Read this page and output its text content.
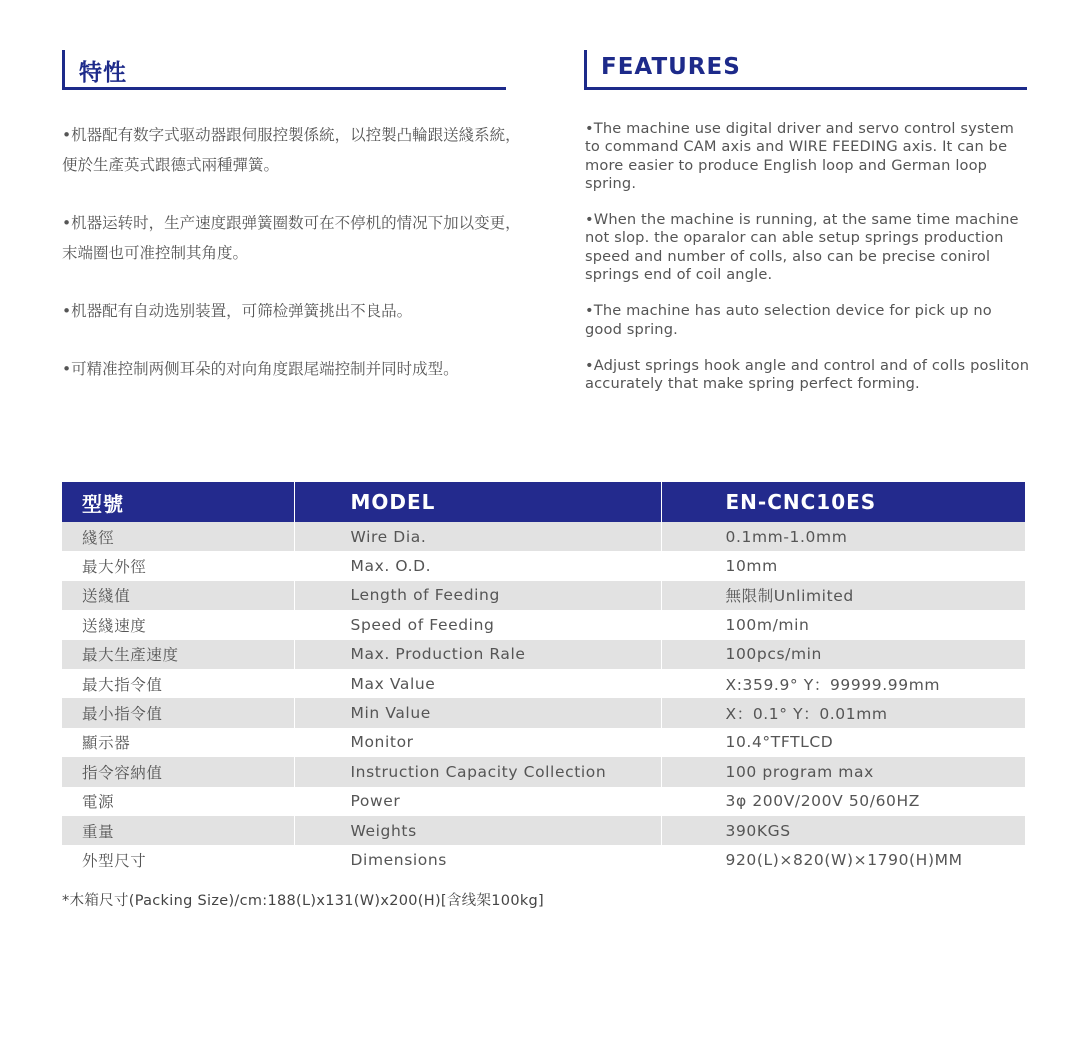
特性	FEATURES
•机器配有数字式驱动器跟伺服控製係統，以控製凸輪跟送綫系統，便於生產英式跟德式兩種彈簧。
•机器运转时，生产速度跟弹簧圈数可在不停机的情况下加以变更，末端圈也可准控制其角度。
•机器配有自动选别装置，可筛检弹簧挑出不良品。
•可精准控制两侧耳朵的对向角度跟尾端控制并同时成型。
•The machine use digital driver and servo control system to command CAM axis and WIRE FEEDING axis. It can be more easier to produce English loop and German loop spring.
•When the machine is running, at the same time machine not slop. the oparalor can able setup springs production speed and number of colls, also can be precise conirol springs end of coil angle.
•The machine has auto selection device for pick up no good spring.
•Adjust springs hook angle and control and of colls posliton accurately that make spring perfect forming.
型號	MODEL	EN-CNC10ES
綫徑	Wire Dia.	0.1mm-1.0mm
最大外徑	Max. O.D.	10mm
送綫值	Length of Feeding	無限制Unlimited
送綫速度	Speed of Feeding	100m/min
最大生產速度	Max. Production Rale	100pcs/min
最大指令值	Max Value	X:359.9° Y：99999.99mm
最小指令值	Min Value	X：0.1° Y：0.01mm
顯示器	Monitor	10.4°TFTLCD
指令容納值	Instruction Capacity Collection	100 program max
電源	Power	3φ 200V/200V 50/60HZ
重量	Weights	390KGS
外型尺寸	Dimensions	920(L)×820(W)×1790(H)MM
*木箱尺寸(Packing Size)/cm:188(L)x131(W)x200(H)[含线架100kg]
